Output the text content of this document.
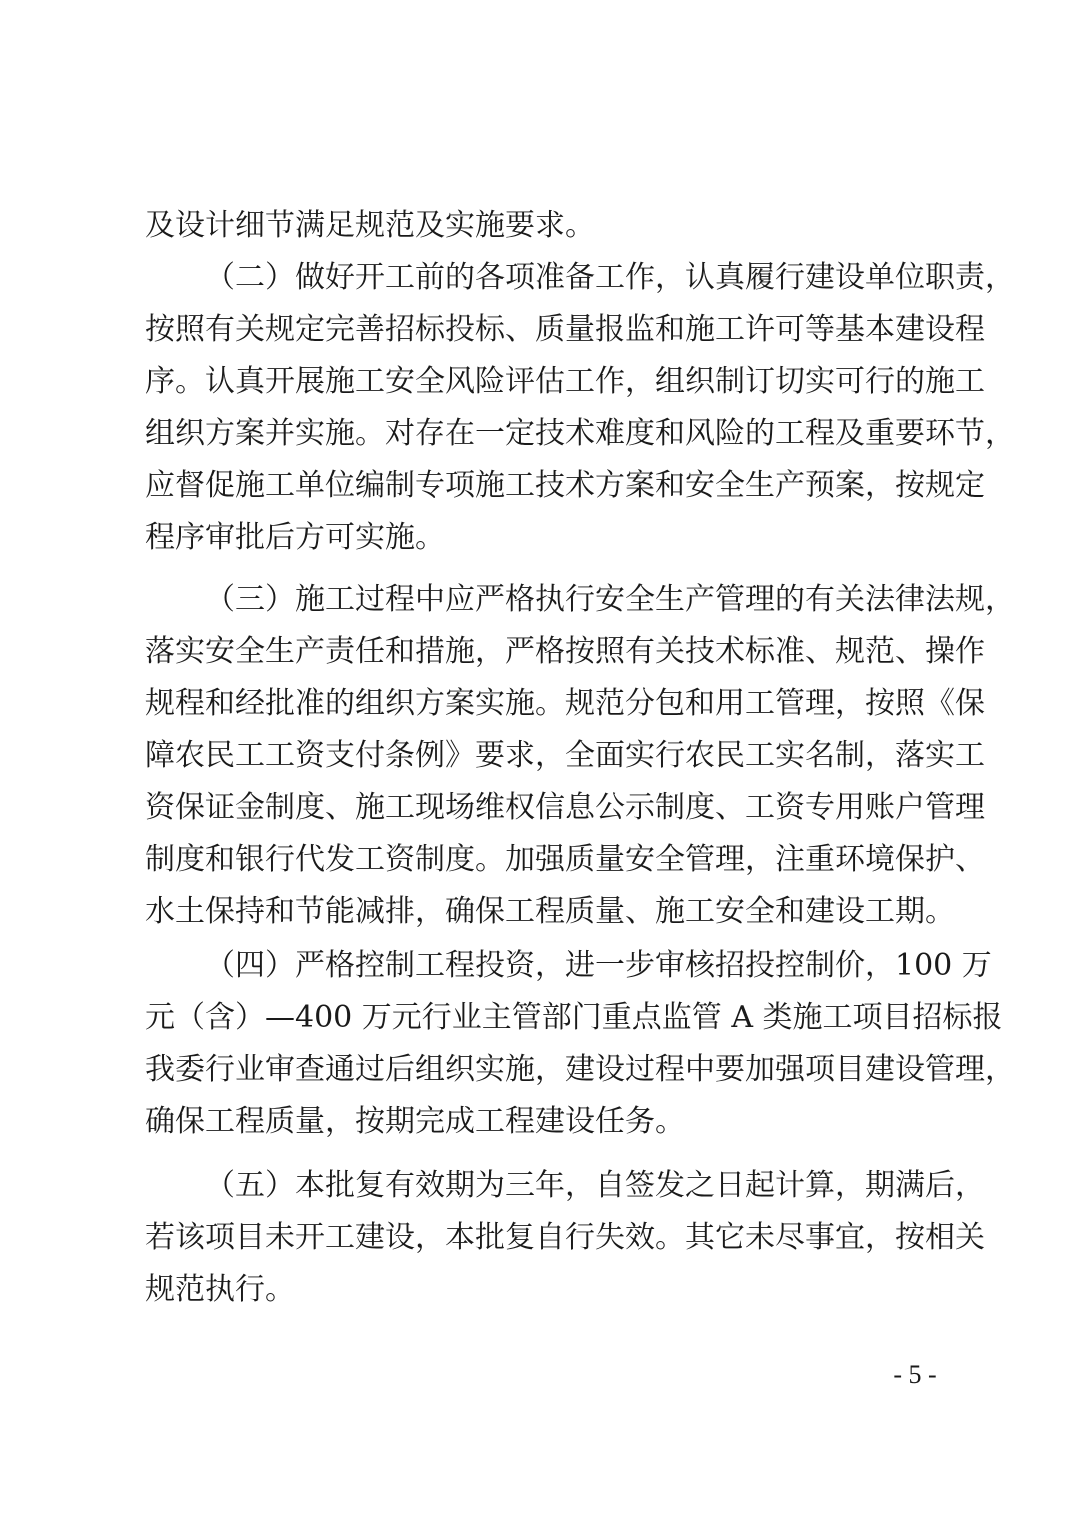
及设计细节满足规范及实施要求。
（二）做好开工前的各项准备工作，认真履行建设单位职责，
按照有关规定完善招标投标、质量报监和施工许可等基本建设程
序。认真开展施工安全风险评估工作，组织制订切实可行的施工
组织方案并实施。对存在一定技术难度和风险的工程及重要环节，
应督促施工单位编制专项施工技术方案和安全生产预案，按规定
程序审批后方可实施。
（三）施工过程中应严格执行安全生产管理的有关法律法规，
落实安全生产责任和措施，严格按照有关技术标准、规范、操作
规程和经批准的组织方案实施。规范分包和用工管理，按照《保
障农民工工资支付条例》要求，全面实行农民工实名制，落实工
资保证金制度、施工现场维权信息公示制度、工资专用账户管理
制度和银行代发工资制度。加强质量安全管理，注重环境保护、
水土保持和节能减排，确保工程质量、施工安全和建设工期。
（四）严格控制工程投资，进一步审核招投控制价，100 万
元（含）—400 万元行业主管部门重点监管 A 类施工项目招标报
我委行业审查通过后组织实施，建设过程中要加强项目建设管理，
确保工程质量，按期完成工程建设任务。
（五）本批复有效期为三年，自签发之日起计算，期满后，
若该项目未开工建设，本批复自行失效。其它未尽事宜，按相关
规范执行。
- 5 -
